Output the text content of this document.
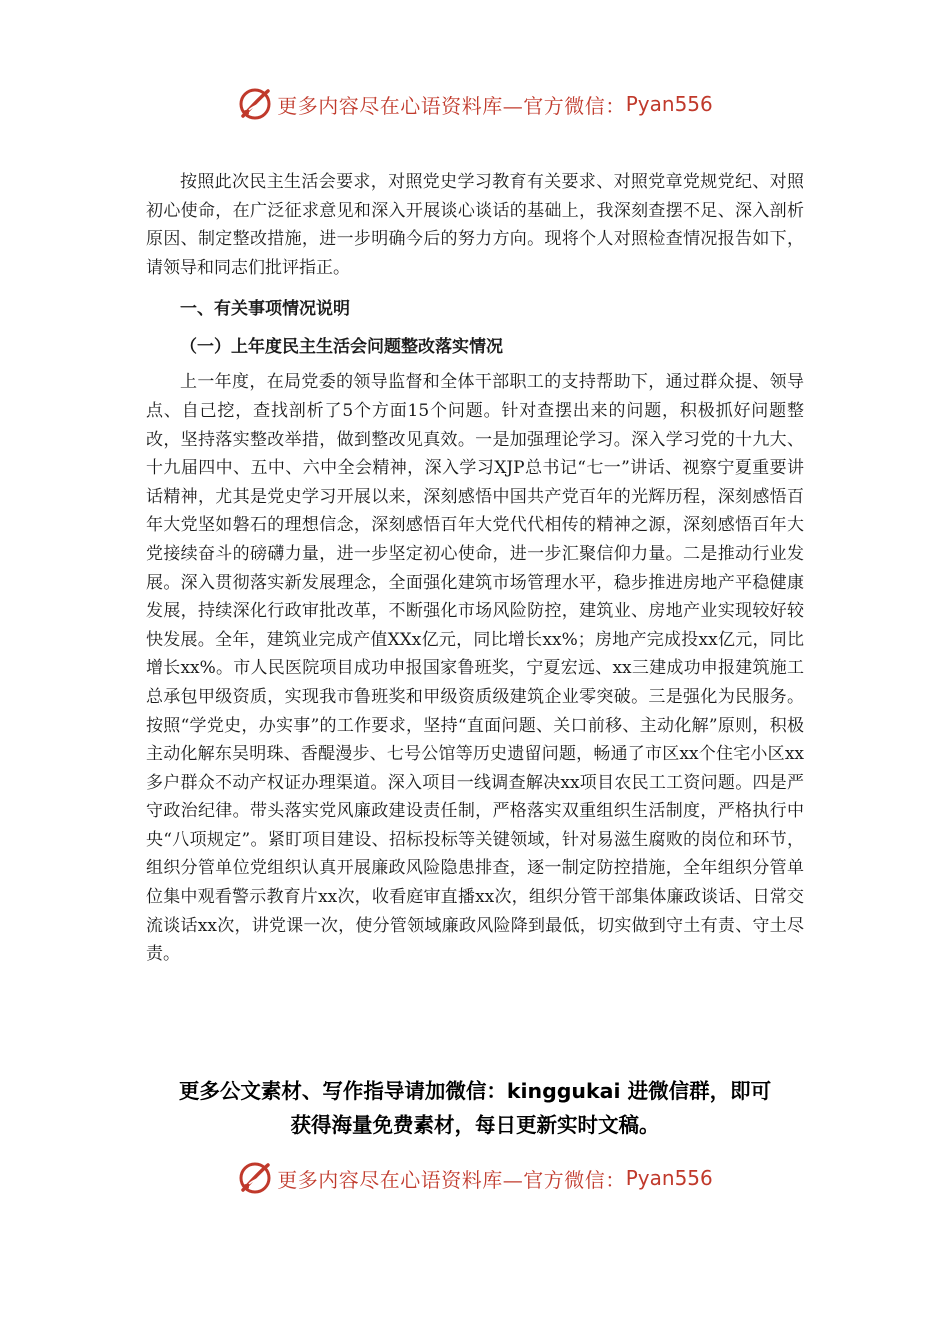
更多内容尽在心语资料库—官方微信： Pyan556

按照此次民主生活会要求，对照党史学习教育有关要求、对照党章党规党纪、对照初心使命，在广泛征求意见和深入开展谈心谈话的基础上，我深刻查摆不足、深入剖析原因、制定整改措施，进一步明确今后的努力方向。现将个人对照检查情况报告如下，请领导和同志们批评指正。

一、有关事项情况说明
（一）上年度民主生活会问题整改落实情况

上一年度，在局党委的领导监督和全体干部职工的支持帮助下，通过群众提、领导点、自己挖，查找剖析了5个方面15个问题。针对查摆出来的问题，积极抓好问题整改，坚持落实整改举措，做到整改见真效。一是加强理论学习。深入学习党的十九大、十九届四中、五中、六中全会精神，深入学习XJP总书记“七一”讲话、视察宁夏重要讲话精神，尤其是党史学习开展以来，深刻感悟中国共产党百年的光辉历程，深刻感悟百年大党坚如磐石的理想信念，深刻感悟百年大党代代相传的精神之源，深刻感悟百年大党接续奋斗的磅礴力量，进一步坚定初心使命，进一步汇聚信仰力量。二是推动行业发展。深入贯彻落实新发展理念，全面强化建筑市场管理水平，稳步推进房地产平稳健康发展，持续深化行政审批改革，不断强化市场风险防控，建筑业、房地产业实现较好较快发展。全年，建筑业完成产值XXx亿元，同比增长xx%；房地产完成投xx亿元，同比增长xx%。市人民医院项目成功申报国家鲁班奖，宁夏宏远、xx三建成功申报建筑施工总承包甲级资质，实现我市鲁班奖和甲级资质级建筑企业零突破。三是强化为民服务。按照“学党史，办实事”的工作要求，坚持“直面问题、关口前移、主动化解”原则，积极主动化解东吴明珠、香醍漫步、七号公馆等历史遗留问题，畅通了市区xx个住宅小区xx多户群众不动产权证办理渠道。深入项目一线调查解决xx项目农民工工资问题。四是严守政治纪律。带头落实党风廉政建设责任制，严格落实双重组织生活制度，严格执行中央“八项规定”。紧盯项目建设、招标投标等关键领域，针对易滋生腐败的岗位和环节，组织分管单位党组织认真开展廉政风险隐患排查，逐一制定防控措施，全年组织分管单位集中观看警示教育片xx次，收看庭审直播xx次，组织分管干部集体廉政谈话、日常交流谈话xx次，讲党课一次，使分管领域廉政风险降到最低，切实做到守土有责、守土尽责。

更多公文素材、写作指导请加微信：kinggukai 进微信群，即可
获得海量免费素材，每日更新实时文稿。
更多内容尽在心语资料库—官方微信： Pyan556
